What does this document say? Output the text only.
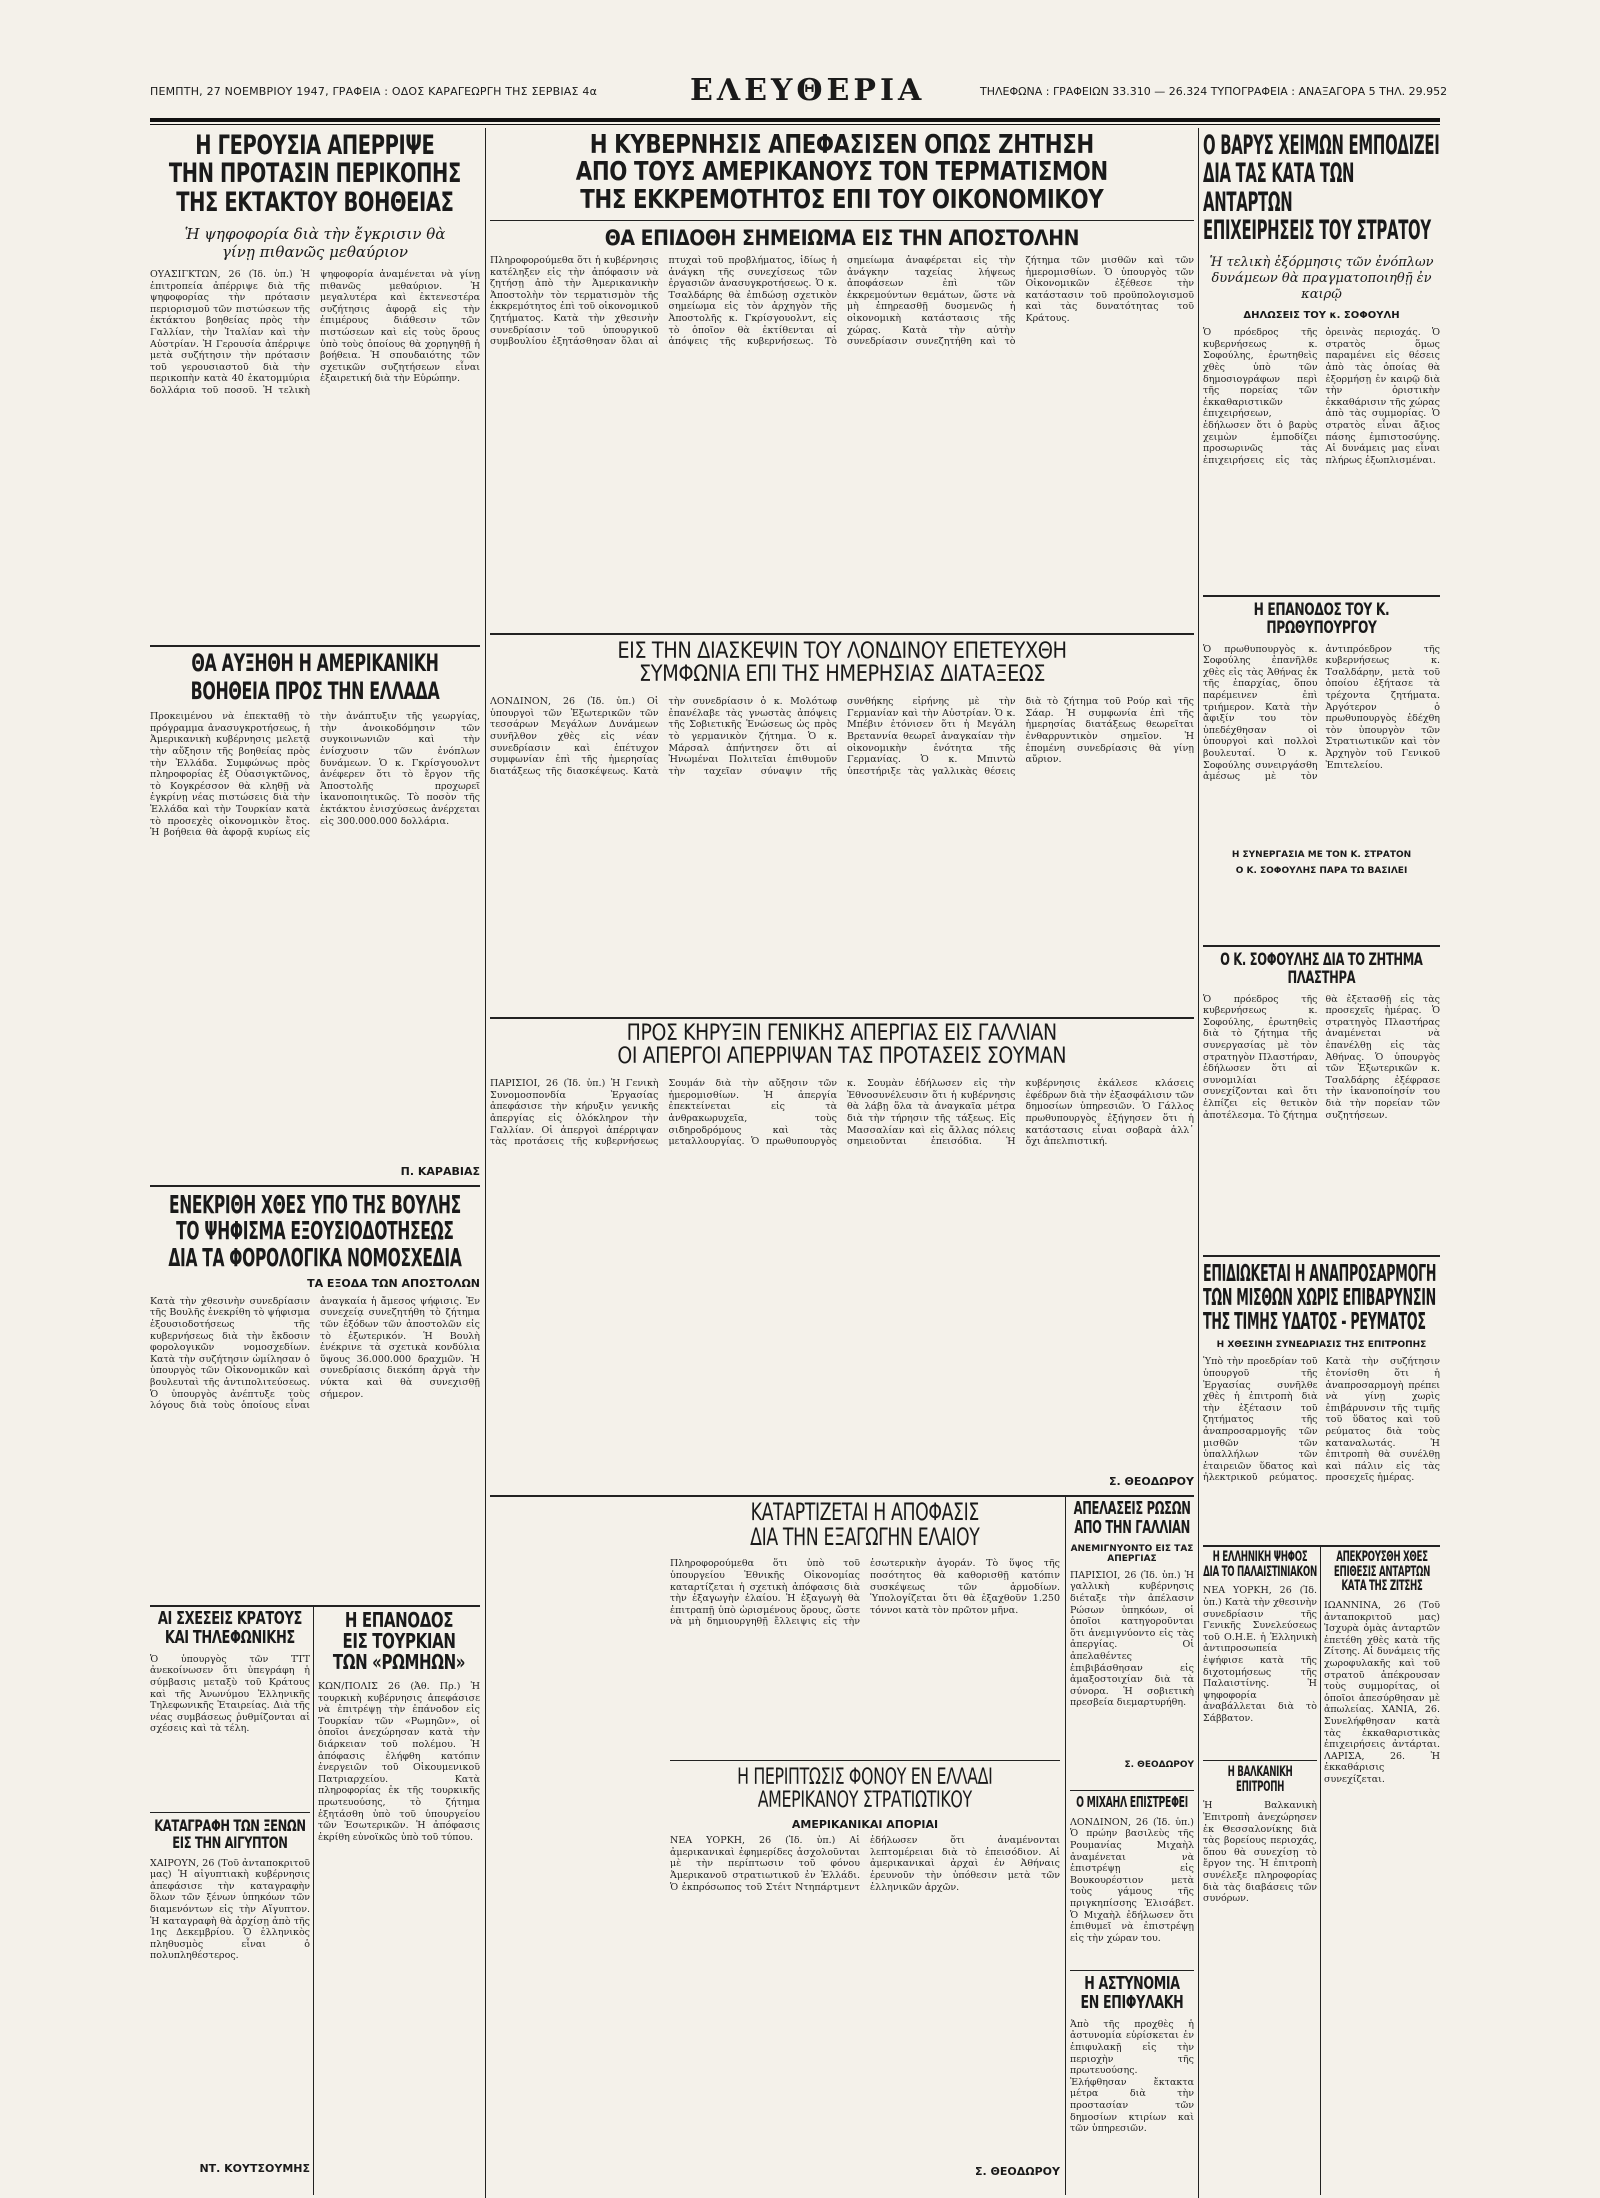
ΠΕΜΠΤΗ, 27 ΝΟΕΜΒΡΙΟΥ 1947, ΓΡΑΦΕΙΑ : ΟΔΟΣ ΚΑΡΑΓΕΩΡΓΗ ΤΗΣ ΣΕΡΒΙΑΣ 4α	ΕΛΕΥΘΕΡΙΑ	ΤΗΛΕΦΩΝΑ : ΓΡΑΦΕΙΩΝ 33.310 — 26.324 ΤΥΠΟΓΡΑΦΕΙΑ : ΑΝΑΞΑΓΟΡΑ 5 ΤΗΛ. 29.952
Η ΓΕΡΟΥΣΙΑ ΑΠΕΡΡΙΨΕ
ΤΗΝ ΠΡΟΤΑΣΙΝ ΠΕΡΙΚΟΠΗΣ
ΤΗΣ ΕΚΤΑΚΤΟΥ ΒΟΗΘΕΙΑΣ
Ἡ ψηφοφορία διὰ τὴν ἔγκρισιν θὰ γίνῃ πιθανῶς μεθαύριον
ΟΥΑΣΙΓΚΤΩΝ, 26 (Ἰδ. ὑπ.) Ἡ ἐπιτροπεία ἀπέρριψε διὰ τῆς ψηφοφορίας τὴν πρότασιν περιορισμοῦ τῶν πιστώσεων τῆς ἐκτάκτου βοηθείας πρὸς τὴν Γαλλίαν, τὴν Ἰταλίαν καὶ τὴν Αὐστρίαν. Ἡ Γερουσία ἀπέρριψε μετὰ συζήτησιν τὴν πρότασιν τοῦ γερουσιαστοῦ διὰ τὴν περικοπὴν κατὰ 40 ἑκατομμύρια δολλάρια τοῦ ποσοῦ. Ἡ τελικὴ ψηφοφορία ἀναμένεται νὰ γίνῃ πιθανῶς μεθαύριον. Ἡ μεγαλυτέρα καὶ ἐκτενεστέρα συζήτησις ἀφορᾷ εἰς τὴν ἐπιμέρους διάθεσιν τῶν πιστώσεων καὶ εἰς τοὺς ὅρους ὑπὸ τοὺς ὁποίους θὰ χορηγηθῇ ἡ βοήθεια. Ἡ σπουδαιότης τῶν σχετικῶν συζητήσεων εἶναι ἐξαιρετική διὰ τὴν Εὐρώπην.
ΘΑ ΑΥΞΗΘΗ Η ΑΜΕΡΙΚΑΝΙΚΗ ΒΟΗΘΕΙΑ ΠΡΟΣ ΤΗΝ ΕΛΛΑΔΑ
Προκειμένου νὰ ἐπεκταθῇ τὸ πρόγραμμα ἀνασυγκροτήσεως, ἡ Ἀμερικανικὴ κυβέρνησις μελετᾷ τὴν αὔξησιν τῆς βοηθείας πρὸς τὴν Ἑλλάδα. Συμφώνως πρὸς πληροφορίας ἐξ Οὐασιγκτῶνος, τὸ Κογκρέσσον θὰ κληθῇ νὰ ἐγκρίνῃ νέας πιστώσεις διὰ τὴν Ἑλλάδα καὶ τὴν Τουρκίαν κατὰ τὸ προσεχὲς οἰκονομικὸν ἔτος. Ἡ βοήθεια θὰ ἀφορᾷ κυρίως εἰς τὴν ἀνάπτυξιν τῆς γεωργίας, τὴν ἀνοικοδόμησιν τῶν συγκοινωνιῶν καὶ τὴν ἐνίσχυσιν τῶν ἐνόπλων δυνάμεων. Ὁ κ. Γκρίσγουολντ ἀνέφερεν ὅτι τὸ ἔργον τῆς Ἀποστολῆς προχωρεῖ ἱκανοποιητικῶς. Τὸ ποσὸν τῆς ἐκτάκτου ἐνισχύσεως ἀνέρχεται εἰς 300.000.000 δολλάρια.
Π. ΚΑΡΑΒΙΑΣ
ΕΝΕΚΡΙΘΗ ΧΘΕΣ ΥΠΟ ΤΗΣ ΒΟΥΛΗΣ
ΤΟ ΨΗΦΙΣΜΑ ΕΞΟΥΣΙΟΔΟΤΗΣΕΩΣ
ΔΙΑ ΤΑ ΦΟΡΟΛΟΓΙΚΑ ΝΟΜΟΣΧΕΔΙΑ
ΤΑ ΕΞΟΔΑ ΤΩΝ ΑΠΟΣΤΟΛΩΝ
Κατὰ τὴν χθεσινὴν συνεδρίασιν τῆς Βουλῆς ἐνεκρίθη τὸ ψήφισμα ἐξουσιοδοτήσεως τῆς κυβερνήσεως διὰ τὴν ἔκδοσιν φορολογικῶν νομοσχεδίων. Κατὰ τὴν συζήτησιν ὡμίλησαν ὁ ὑπουργὸς τῶν Οἰκονομικῶν καὶ βουλευταὶ τῆς ἀντιπολιτεύσεως. Ὁ ὑπουργὸς ἀνέπτυξε τοὺς λόγους διὰ τοὺς ὁποίους εἶναι ἀναγκαία ἡ ἄμεσος ψήφισις. Ἐν συνεχείᾳ συνεζητήθη τὸ ζήτημα τῶν ἐξόδων τῶν ἀποστολῶν εἰς τὸ ἐξωτερικόν. Ἡ Βουλὴ ἐνέκρινε τὰ σχετικὰ κονδύλια ὕψους 36.000.000 δραχμῶν. Ἡ συνεδρίασις διεκόπη ἀργὰ τὴν νύκτα καὶ θὰ συνεχισθῇ σήμερον.
ΑΙ ΣΧΕΣΕΙΣ ΚΡΑΤΟΥΣ
ΚΑΙ ΤΗΛΕΦΩΝΙΚΗΣ
Ὁ ὑπουργὸς τῶν ΤΤΤ ἀνεκοίνωσεν ὅτι ὑπεγράφη ἡ σύμβασις μεταξὺ τοῦ Κράτους καὶ τῆς Ἀνωνύμου Ἑλληνικῆς Τηλεφωνικῆς Ἑταιρείας. Διὰ τῆς νέας συμβάσεως ῥυθμίζονται αἱ σχέσεις καὶ τὰ τέλη.
ΚΑΤΑΓΡΑΦΗ ΤΩΝ ΞΕΝΩΝ
ΕΙΣ ΤΗΝ ΑΙΓΥΠΤΟΝ
ΧΑΙΡΟΥΝ, 26 (Τοῦ ἀνταποκριτοῦ μας) Ἡ αἰγυπτιακὴ κυβέρνησις ἀπεφάσισε τὴν καταγραφὴν ὅλων τῶν ξένων ὑπηκόων τῶν διαμενόντων εἰς τὴν Αἴγυπτον. Ἡ καταγραφὴ θὰ ἀρχίσῃ ἀπὸ τῆς 1ης Δεκεμβρίου. Ὁ ἑλληνικὸς πληθυσμὸς εἶναι ὁ πολυπληθέστερος.
ΝΤ. ΚΟΥΤΣΟΥΜΗΣ
Η ΕΠΑΝΟΔΟΣ
ΕΙΣ ΤΟΥΡΚΙΑΝ
ΤΩΝ «ΡΩΜΗΩΝ»
ΚΩΝ/ΠΟΛΙΣ 26 (Ἀθ. Πρ.) Ἡ τουρκικὴ κυβέρνησις ἀπεφάσισε νὰ ἐπιτρέψῃ τὴν ἐπάνοδον εἰς Τουρκίαν τῶν «Ρωμηῶν», οἱ ὁποῖοι ἀνεχώρησαν κατὰ τὴν διάρκειαν τοῦ πολέμου. Ἡ ἀπόφασις ἐλήφθη κατόπιν ἐνεργειῶν τοῦ Οἰκουμενικοῦ Πατριαρχείου. Κατὰ πληροφορίας ἐκ τῆς τουρκικῆς πρωτευούσης, τὸ ζήτημα ἐξητάσθη ὑπὸ τοῦ ὑπουργείου τῶν Ἐσωτερικῶν. Ἡ ἀπόφασις ἐκρίθη εὐνοϊκῶς ὑπὸ τοῦ τύπου.
Η ΚΥΒΕΡΝΗΣΙΣ ΑΠΕΦΑΣΙΣΕΝ ΟΠΩΣ ΖΗΤΗΣΗ
ΑΠΟ ΤΟΥΣ ΑΜΕΡΙΚΑΝΟΥΣ ΤΟΝ ΤΕΡΜΑΤΙΣΜΟΝ
ΤΗΣ ΕΚΚΡΕΜΟΤΗΤΟΣ ΕΠΙ ΤΟΥ ΟΙΚΟΝΟΜΙΚΟΥ
ΘΑ ΕΠΙΔΟΘΗ ΣΗΜΕΙΩΜΑ ΕΙΣ ΤΗΝ ΑΠΟΣΤΟΛΗΝ
Πληροφορούμεθα ὅτι ἡ κυβέρνησις κατέληξεν εἰς τὴν ἀπόφασιν νὰ ζητήσῃ ἀπὸ τὴν Ἀμερικανικὴν Ἀποστολὴν τὸν τερματισμὸν τῆς ἐκκρεμότητος ἐπὶ τοῦ οἰκονομικοῦ ζητήματος. Κατὰ τὴν χθεσινὴν συνεδρίασιν τοῦ ὑπουργικοῦ συμβουλίου ἐξητάσθησαν ὅλαι αἱ πτυχαὶ τοῦ προβλήματος, ἰδίως ἡ ἀνάγκη τῆς συνεχίσεως τῶν ἐργασιῶν ἀνασυγκροτήσεως. Ὁ κ. Τσαλδάρης θὰ ἐπιδώσῃ σχετικὸν σημείωμα εἰς τὸν ἀρχηγὸν τῆς Ἀποστολῆς κ. Γκρίσγουολντ, εἰς τὸ ὁποῖον θὰ ἐκτίθενται αἱ ἀπόψεις τῆς κυβερνήσεως. Τὸ σημείωμα ἀναφέρεται εἰς τὴν ἀνάγκην ταχείας λήψεως ἀποφάσεων ἐπὶ τῶν ἐκκρεμούντων θεμάτων, ὥστε νὰ μὴ ἐπηρεασθῇ δυσμενῶς ἡ οἰκονομικὴ κατάστασις τῆς χώρας. Κατὰ τὴν αὐτὴν συνεδρίασιν συνεζητήθη καὶ τὸ ζήτημα τῶν μισθῶν καὶ τῶν ἡμερομισθίων. Ὁ ὑπουργὸς τῶν Οἰκονομικῶν ἐξέθεσε τὴν κατάστασιν τοῦ προϋπολογισμοῦ καὶ τὰς δυνατότητας τοῦ Κράτους.
ΕΙΣ ΤΗΝ ΔΙΑΣΚΕΨΙΝ ΤΟΥ ΛΟΝΔΙΝΟΥ ΕΠΕΤΕΥΧΘΗ
ΣΥΜΦΩΝΙΑ ΕΠΙ ΤΗΣ ΗΜΕΡΗΣΙΑΣ ΔΙΑΤΑΞΕΩΣ
ΛΟΝΔΙΝΟΝ, 26 (Ἰδ. ὑπ.) Οἱ ὑπουργοὶ τῶν Ἐξωτερικῶν τῶν τεσσάρων Μεγάλων Δυνάμεων συνῆλθον χθὲς εἰς νέαν συνεδρίασιν καὶ ἐπέτυχον συμφωνίαν ἐπὶ τῆς ἡμερησίας διατάξεως τῆς διασκέψεως. Κατὰ τὴν συνεδρίασιν ὁ κ. Μολότωφ ἐπανέλαβε τὰς γνωστὰς ἀπόψεις τῆς Σοβιετικῆς Ἑνώσεως ὡς πρὸς τὸ γερμανικὸν ζήτημα. Ὁ κ. Μάρσαλ ἀπήντησεν ὅτι αἱ Ἡνωμέναι Πολιτεῖαι ἐπιθυμοῦν τὴν ταχεῖαν σύναψιν τῆς συνθήκης εἰρήνης μὲ τὴν Γερμανίαν καὶ τὴν Αὐστρίαν. Ὁ κ. Μπέβιν ἐτόνισεν ὅτι ἡ Μεγάλη Βρεταννία θεωρεῖ ἀναγκαίαν τὴν οἰκονομικὴν ἑνότητα τῆς Γερμανίας. Ὁ κ. Μπιντὼ ὑπεστήριξε τὰς γαλλικὰς θέσεις διὰ τὸ ζήτημα τοῦ Ρούρ καὶ τῆς Σάαρ. Ἡ συμφωνία ἐπὶ τῆς ἡμερησίας διατάξεως θεωρεῖται ἐνθαρρυντικὸν σημεῖον. Ἡ ἑπομένη συνεδρίασις θὰ γίνῃ αὔριον.
ΠΡΟΣ ΚΗΡΥΞΙΝ ΓΕΝΙΚΗΣ ΑΠΕΡΓΙΑΣ ΕΙΣ ΓΑΛΛΙΑΝ
ΟΙ ΑΠΕΡΓΟΙ ΑΠΕΡΡΙΨΑΝ ΤΑΣ ΠΡΟΤΑΣΕΙΣ ΣΟΥΜΑΝ
ΠΑΡΙΣΙΟΙ, 26 (Ἰδ. ὑπ.) Ἡ Γενικὴ Συνομοσπονδία Ἐργασίας ἀπεφάσισε τὴν κήρυξιν γενικῆς ἀπεργίας εἰς ὁλόκληρον τὴν Γαλλίαν. Οἱ ἀπεργοὶ ἀπέρριψαν τὰς προτάσεις τῆς κυβερνήσεως Σουμάν διὰ τὴν αὔξησιν τῶν ἡμερομισθίων. Ἡ ἀπεργία ἐπεκτείνεται εἰς τὰ ἀνθρακωρυχεῖα, τοὺς σιδηροδρόμους καὶ τὰς μεταλλουργίας. Ὁ πρωθυπουργὸς κ. Σουμὰν ἐδήλωσεν εἰς τὴν Ἐθνοσυνέλευσιν ὅτι ἡ κυβέρνησις θὰ λάβῃ ὅλα τὰ ἀναγκαῖα μέτρα διὰ τὴν τήρησιν τῆς τάξεως. Εἰς Μασσαλίαν καὶ εἰς ἄλλας πόλεις σημειοῦνται ἐπεισόδια. Ἡ κυβέρνησις ἐκάλεσε κλάσεις ἐφέδρων διὰ τὴν ἐξασφάλισιν τῶν δημοσίων ὑπηρεσιῶν. Ὁ Γάλλος πρωθυπουργὸς ἐξήγησεν ὅτι ἡ κατάστασις εἶναι σοβαρὰ ἀλλ᾽ ὄχι ἀπελπιστική.
Σ. ΘΕΟΔΩΡΟΥ
ΚΑΤΑΡΤΙΖΕΤΑΙ Η ΑΠΟΦΑΣΙΣ
ΔΙΑ ΤΗΝ ΕΞΑΓΩΓΗΝ ΕΛΑΙΟΥ
Πληροφορούμεθα ὅτι ὑπὸ τοῦ ὑπουργείου Ἐθνικῆς Οἰκονομίας καταρτίζεται ἡ σχετικὴ ἀπόφασις διὰ τὴν ἐξαγωγὴν ἐλαίου. Ἡ ἐξαγωγὴ θὰ ἐπιτραπῇ ὑπὸ ὡρισμένους ὅρους, ὥστε νὰ μὴ δημιουργηθῇ ἔλλειψις εἰς τὴν ἐσωτερικὴν ἀγοράν. Τὸ ὕψος τῆς ποσότητος θὰ καθορισθῇ κατόπιν συσκέψεως τῶν ἁρμοδίων. Ὑπολογίζεται ὅτι θὰ ἐξαχθοῦν 1.250 τόννοι κατὰ τὸν πρῶτον μῆνα.
Η ΠΕΡΙΠΤΩΣΙΣ ΦΟΝΟΥ ΕΝ ΕΛΛΑΔΙ
ΑΜΕΡΙΚΑΝΟΥ ΣΤΡΑΤΙΩΤΙΚΟΥ
ΑΜΕΡΙΚΑΝΙΚΑΙ ΑΠΟΡΙΑΙ
ΝΕΑ ΥΟΡΚΗ, 26 (Ἰδ. ὑπ.) Αἱ ἀμερικανικαὶ ἐφημερίδες ἀσχολοῦνται μὲ τὴν περίπτωσιν τοῦ φόνου Ἀμερικανοῦ στρατιωτικοῦ ἐν Ἑλλάδι. Ὁ ἐκπρόσωπος τοῦ Στέιτ Ντηπάρτμεντ ἐδήλωσεν ὅτι ἀναμένονται λεπτομέρειαι διὰ τὸ ἐπεισόδιον. Αἱ ἀμερικανικαὶ ἀρχαὶ ἐν Ἀθήναις ἐρευνοῦν τὴν ὑπόθεσιν μετὰ τῶν ἑλληνικῶν ἀρχῶν.
Σ. ΘΕΟΔΩΡΟΥ
ΑΠΕΛΑΣΕΙΣ ΡΩΣΩΝ
ΑΠΟ ΤΗΝ ΓΑΛΛΙΑΝ
ΑΝΕΜΙΓΝΥΟΝΤΟ ΕΙΣ ΤΑΣ ΑΠΕΡΓΙΑΣ
ΠΑΡΙΣΙΟΙ, 26 (Ἰδ. ὑπ.) Ἡ γαλλικὴ κυβέρνησις διέταξε τὴν ἀπέλασιν Ρώσων ὑπηκόων, οἱ ὁποῖοι κατηγοροῦνται ὅτι ἀνεμιγνύοντο εἰς τὰς ἀπεργίας. Οἱ ἀπελαθέντες ἐπιβιβάσθησαν εἰς ἀμαξοστοιχίαν διὰ τὰ σύνορα. Ἡ σοβιετικὴ πρεσβεία διεμαρτυρήθη.
Σ. ΘΕΟΔΩΡΟΥ
Ο ΜΙΧΑΗΛ ΕΠΙΣΤΡΕΦΕΙ
ΛΟΝΔΙΝΟΝ, 26 (Ἰδ. ὑπ.) Ὁ πρώην βασιλεὺς τῆς Ρουμανίας Μιχαὴλ ἀναμένεται νὰ ἐπιστρέψῃ εἰς Βουκουρέστιον μετὰ τοὺς γάμους τῆς πριγκηπίσσης Ἐλισάβετ. Ὁ Μιχαὴλ ἐδήλωσεν ὅτι ἐπιθυμεῖ νὰ ἐπιστρέψῃ εἰς τὴν χώραν του.
Η ΑΣΤΥΝΟΜΙΑ
ΕΝ ΕΠΙΦΥΛΑΚΗ
Ἀπὸ τῆς προχθὲς ἡ ἀστυνομία εὑρίσκεται ἐν ἐπιφυλακῇ εἰς τὴν περιοχὴν τῆς πρωτευούσης. Ἐλήφθησαν ἔκτακτα μέτρα διὰ τὴν προστασίαν τῶν δημοσίων κτιρίων καὶ τῶν ὑπηρεσιῶν.
Ο ΒΑΡΥΣ ΧΕΙΜΩΝ ΕΜΠΟΔΙΖΕΙ
ΔΙΑ ΤΑΣ ΚΑΤΑ ΤΩΝ ΑΝΤΑΡΤΩΝ
ΕΠΙΧΕΙΡΗΣΕΙΣ ΤΟΥ ΣΤΡΑΤΟΥ
Ἡ τελικὴ ἐξόρμησις τῶν ἐνόπλων δυνάμεων θὰ πραγματοποιηθῇ ἐν καιρῷ
ΔΗΛΩΣΕΙΣ ΤΟΥ κ. ΣΟΦΟΥΛΗ
Ὁ πρόεδρος τῆς κυβερνήσεως κ. Σοφούλης, ἐρωτηθεὶς χθὲς ὑπὸ τῶν δημοσιογράφων περὶ τῆς πορείας τῶν ἐκκαθαριστικῶν ἐπιχειρήσεων, ἐδήλωσεν ὅτι ὁ βαρὺς χειμὼν ἐμποδίζει προσωρινῶς τὰς ἐπιχειρήσεις εἰς τὰς ὀρεινὰς περιοχάς. Ὁ στρατὸς ὅμως παραμένει εἰς θέσεις ἀπὸ τὰς ὁποίας θὰ ἐξορμήσῃ ἐν καιρῷ διὰ τὴν ὁριστικὴν ἐκκαθάρισιν τῆς χώρας ἀπὸ τὰς συμμορίας. Ὁ στρατὸς εἶναι ἄξιος πάσης ἐμπιστοσύνης. Αἱ δυνάμεις μας εἶναι πλήρως ἐξωπλισμέναι.
Η ΕΠΑΝΟΔΟΣ ΤΟΥ Κ. ΠΡΩΘΥΠΟΥΡΓΟΥ
Ὁ πρωθυπουργὸς κ. Σοφούλης ἐπανῆλθε χθὲς εἰς τὰς Ἀθήνας ἐκ τῆς ἐπαρχίας, ὅπου παρέμεινεν ἐπὶ τριήμερον. Κατὰ τὴν ἄφιξίν του τὸν ὑπεδέχθησαν οἱ ὑπουργοὶ καὶ πολλοὶ βουλευταί. Ὁ κ. Σοφούλης συνειργάσθη ἀμέσως μὲ τὸν ἀντιπρόεδρον τῆς κυβερνήσεως κ. Τσαλδάρην, μετὰ τοῦ ὁποίου ἐξήτασε τὰ τρέχοντα ζητήματα. Ἀργότερον ὁ πρωθυπουργὸς ἐδέχθη τὸν ὑπουργὸν τῶν Στρατιωτικῶν καὶ τὸν Ἀρχηγὸν τοῦ Γενικοῦ Ἐπιτελείου.
Η ΣΥΝΕΡΓΑΣΙΑ ΜΕ ΤΟΝ Κ. ΣΤΡΑΤΟΝ
Ο Κ. ΣΟΦΟΥΛΗΣ ΠΑΡΑ ΤΩ ΒΑΣΙΛΕΙ
Ο Κ. ΣΟΦΟΥΛΗΣ ΔΙΑ ΤΟ ΖΗΤΗΜΑ ΠΛΑΣΤΗΡΑ
Ὁ πρόεδρος τῆς κυβερνήσεως κ. Σοφούλης, ἐρωτηθεὶς διὰ τὸ ζήτημα τῆς συνεργασίας μὲ τὸν στρατηγὸν Πλαστήραν, ἐδήλωσεν ὅτι αἱ συνομιλίαι συνεχίζονται καὶ ὅτι ἐλπίζει εἰς θετικὸν ἀποτέλεσμα. Τὸ ζήτημα θὰ ἐξετασθῇ εἰς τὰς προσεχεῖς ἡμέρας. Ὁ στρατηγὸς Πλαστήρας ἀναμένεται νὰ ἐπανέλθῃ εἰς τὰς Ἀθήνας. Ὁ ὑπουργὸς τῶν Ἐξωτερικῶν κ. Τσαλδάρης ἐξέφρασε τὴν ἱκανοποίησίν του διὰ τὴν πορείαν τῶν συζητήσεων.
ΕΠΙΔΙΩΚΕΤΑΙ Η ΑΝΑΠΡΟΣΑΡΜΟΓΗ
ΤΩΝ ΜΙΣΘΩΝ ΧΩΡΙΣ ΕΠΙΒΑΡΥΝΣΙΝ
ΤΗΣ ΤΙΜΗΣ ΥΔΑΤΟΣ - ΡΕΥΜΑΤΟΣ
Η ΧΘΕΣΙΝΗ ΣΥΝΕΔΡΙΑΣΙΣ ΤΗΣ ΕΠΙΤΡΟΠΗΣ
Ὑπὸ τὴν προεδρίαν τοῦ ὑπουργοῦ τῆς Ἐργασίας συνῆλθε χθὲς ἡ ἐπιτροπὴ διὰ τὴν ἐξέτασιν τοῦ ζητήματος τῆς ἀναπροσαρμογῆς τῶν μισθῶν τῶν ὑπαλλήλων τῶν ἑταιρειῶν ὕδατος καὶ ἠλεκτρικοῦ ρεύματος. Κατὰ τὴν συζήτησιν ἐτονίσθη ὅτι ἡ ἀναπροσαρμογὴ πρέπει νὰ γίνῃ χωρὶς ἐπιβάρυνσιν τῆς τιμῆς τοῦ ὕδατος καὶ τοῦ ρεύματος διὰ τοὺς καταναλωτάς. Ἡ ἐπιτροπὴ θὰ συνέλθῃ καὶ πάλιν εἰς τὰς προσεχεῖς ἡμέρας.
Η ΕΛΛΗΝΙΚΗ ΨΗΦΟΣ
ΔΙΑ ΤΟ ΠΑΛΑΙΣΤΙΝΙΑΚΟΝ
ΝΕΑ ΥΟΡΚΗ, 26 (Ἰδ. ὑπ.) Κατὰ τὴν χθεσινὴν συνεδρίασιν τῆς Γενικῆς Συνελεύσεως τοῦ Ο.Η.Ε. ἡ Ἑλληνικὴ ἀντιπροσωπεία ἐψήφισε κατὰ τῆς διχοτομήσεως τῆς Παλαιστίνης. Ἡ ψηφοφορία ἀναβάλλεται διὰ τὸ Σάββατον.
Η ΒΑΛΚΑΝΙΚΗ ΕΠΙΤΡΟΠΗ
Ἡ Βαλκανικὴ Ἐπιτροπὴ ἀνεχώρησεν ἐκ Θεσσαλονίκης διὰ τὰς βορείους περιοχάς, ὅπου θὰ συνεχίσῃ τὸ ἔργον της. Ἡ ἐπιτροπὴ συνέλεξε πληροφορίας διὰ τὰς διαβάσεις τῶν συνόρων.
ΑΠΕΚΡΟΥΣΘΗ ΧΘΕΣ
ΕΠΙΘΕΣΙΣ ΑΝΤΑΡΤΩΝ
ΚΑΤΑ ΤΗΣ ΖΙΤΣΗΣ
ΙΩΑΝΝΙΝΑ, 26 (Τοῦ ἀνταποκριτοῦ μας) Ἰσχυρὰ ὁμὰς ἀνταρτῶν ἐπετέθη χθὲς κατὰ τῆς Ζίτσης. Αἱ δυνάμεις τῆς χωροφυλακῆς καὶ τοῦ στρατοῦ ἀπέκρουσαν τοὺς συμμορίτας, οἱ ὁποῖοι ἀπεσύρθησαν μὲ ἀπωλείας. ΧΑΝΙΑ, 26. Συνελήφθησαν κατὰ τὰς ἐκκαθαριστικὰς ἐπιχειρήσεις ἀντάρται. ΛΑΡΙΣΑ, 26. Ἡ ἐκκαθάρισις συνεχίζεται.
